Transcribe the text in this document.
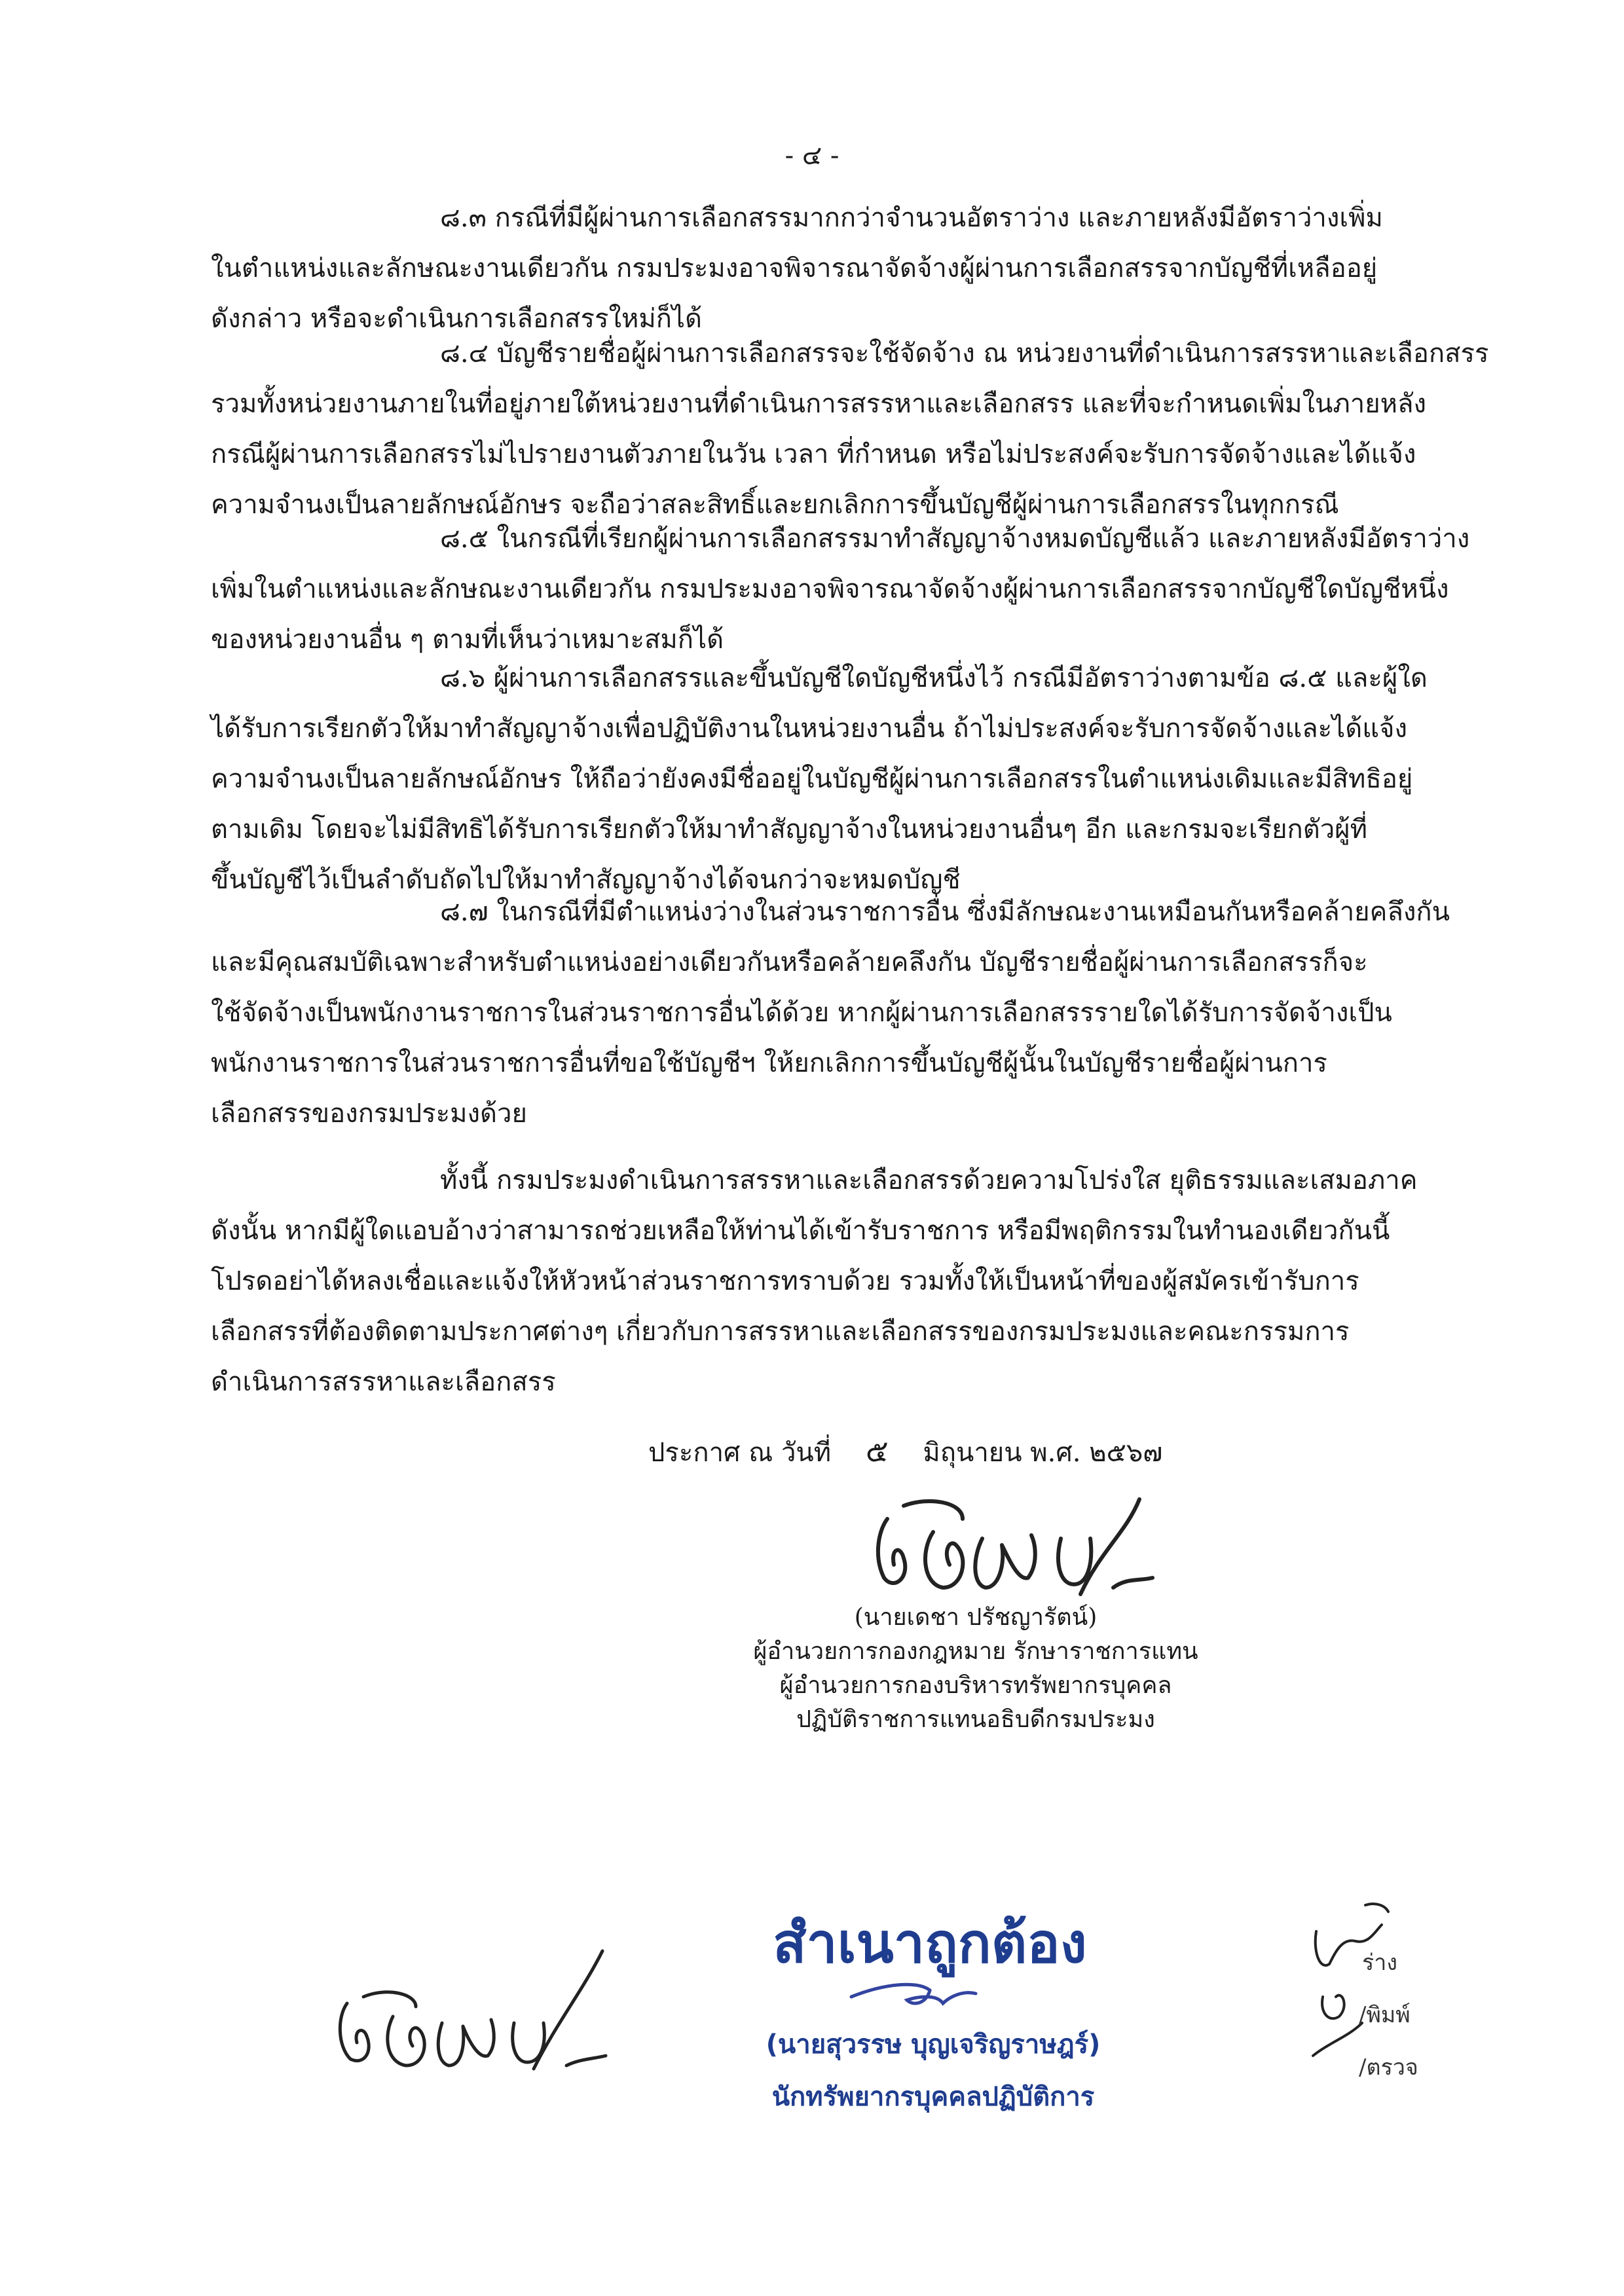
- ๔ -
๘.๓ กรณีที่มีผู้ผ่านการเลือกสรรมากกว่าจำนวนอัตราว่าง และภายหลังมีอัตราว่างเพิ่ม
ในตำแหน่งและลักษณะงานเดียวกัน กรมประมงอาจพิจารณาจัดจ้างผู้ผ่านการเลือกสรรจากบัญชีที่เหลืออยู่
ดังกล่าว หรือจะดำเนินการเลือกสรรใหม่ก็ได้
๘.๔ บัญชีรายชื่อผู้ผ่านการเลือกสรรจะใช้จัดจ้าง ณ หน่วยงานที่ดำเนินการสรรหาและเลือกสรร
รวมทั้งหน่วยงานภายในที่อยู่ภายใต้หน่วยงานที่ดำเนินการสรรหาและเลือกสรร และที่จะกำหนดเพิ่มในภายหลัง
กรณีผู้ผ่านการเลือกสรรไม่ไปรายงานตัวภายในวัน เวลา ที่กำหนด หรือไม่ประสงค์จะรับการจัดจ้างและได้แจ้ง
ความจำนงเป็นลายลักษณ์อักษร จะถือว่าสละสิทธิ์และยกเลิกการขึ้นบัญชีผู้ผ่านการเลือกสรรในทุกกรณี
๘.๕ ในกรณีที่เรียกผู้ผ่านการเลือกสรรมาทำสัญญาจ้างหมดบัญชีแล้ว และภายหลังมีอัตราว่าง
เพิ่มในตำแหน่งและลักษณะงานเดียวกัน กรมประมงอาจพิจารณาจัดจ้างผู้ผ่านการเลือกสรรจากบัญชีใดบัญชีหนึ่ง
ของหน่วยงานอื่น ๆ ตามที่เห็นว่าเหมาะสมก็ได้
๘.๖ ผู้ผ่านการเลือกสรรและขึ้นบัญชีใดบัญชีหนึ่งไว้ กรณีมีอัตราว่างตามข้อ ๘.๕ และผู้ใด
ได้รับการเรียกตัวให้มาทำสัญญาจ้างเพื่อปฏิบัติงานในหน่วยงานอื่น ถ้าไม่ประสงค์จะรับการจัดจ้างและได้แจ้ง
ความจำนงเป็นลายลักษณ์อักษร ให้ถือว่ายังคงมีชื่ออยู่ในบัญชีผู้ผ่านการเลือกสรรในตำแหน่งเดิมและมีสิทธิอยู่
ตามเดิม โดยจะไม่มีสิทธิได้รับการเรียกตัวให้มาทำสัญญาจ้างในหน่วยงานอื่นๆ อีก และกรมจะเรียกตัวผู้ที่
ขึ้นบัญชีไว้เป็นลำดับถัดไปให้มาทำสัญญาจ้างได้จนกว่าจะหมดบัญชี
๘.๗ ในกรณีที่มีตำแหน่งว่างในส่วนราชการอื่น ซึ่งมีลักษณะงานเหมือนกันหรือคล้ายคลึงกัน
และมีคุณสมบัติเฉพาะสำหรับตำแหน่งอย่างเดียวกันหรือคล้ายคลึงกัน บัญชีรายชื่อผู้ผ่านการเลือกสรรก็จะ
ใช้จัดจ้างเป็นพนักงานราชการในส่วนราชการอื่นได้ด้วย หากผู้ผ่านการเลือกสรรรายใดได้รับการจัดจ้างเป็น
พนักงานราชการในส่วนราชการอื่นที่ขอใช้บัญชีฯ ให้ยกเลิกการขึ้นบัญชีผู้นั้นในบัญชีรายชื่อผู้ผ่านการ
เลือกสรรของกรมประมงด้วย
ทั้งนี้ กรมประมงดำเนินการสรรหาและเลือกสรรด้วยความโปร่งใส ยุติธรรมและเสมอภาค
ดังนั้น หากมีผู้ใดแอบอ้างว่าสามารถช่วยเหลือให้ท่านได้เข้ารับราชการ หรือมีพฤติกรรมในทำนองเดียวกันนี้
โปรดอย่าได้หลงเชื่อและแจ้งให้หัวหน้าส่วนราชการทราบด้วย รวมทั้งให้เป็นหน้าที่ของผู้สมัครเข้ารับการ
เลือกสรรที่ต้องติดตามประกาศต่างๆ เกี่ยวกับการสรรหาและเลือกสรรของกรมประมงและคณะกรรมการ
ดำเนินการสรรหาและเลือกสรร
ประกาศ ณ วันที่ ๕ มิถุนายน พ.ศ. ๒๕๖๗
(นายเดชา ปรัชญารัตน์)
ผู้อำนวยการกองกฎหมาย รักษาราชการแทน
ผู้อำนวยการกองบริหารทรัพยากรบุคคล
ปฏิบัติราชการแทนอธิบดีกรมประมง
สำเนาถูกต้อง
(นายสุวรรษ บุญเจริญราษฎร์)
นักทรัพยากรบุคคลปฏิบัติการ
ร่าง
/พิมพ์
/ตรวจ
